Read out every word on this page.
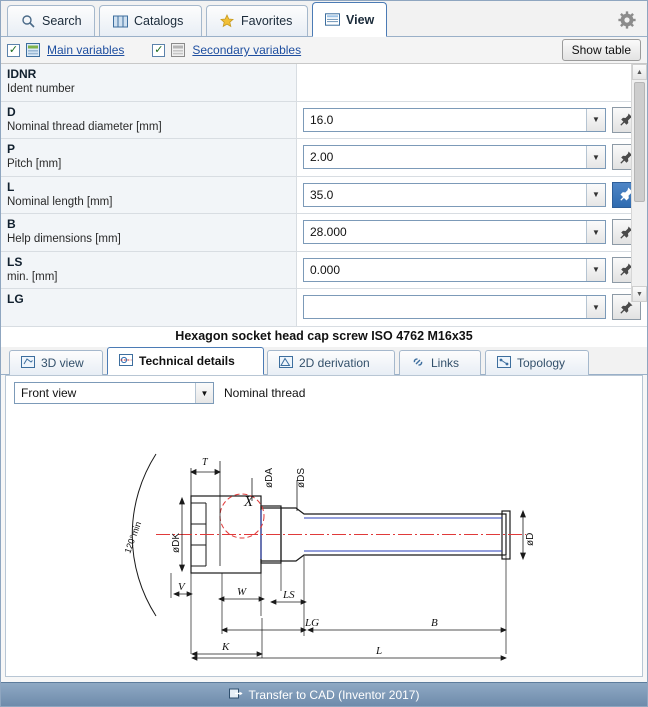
Search	Catalogs	Favorites	View
✓ Main variables	✓ Secondary variables	Show table
IDNR
Ident number
D
Nominal thread diameter [mm]	16.0	▼
P
Pitch [mm]	2.00	▼
L
Nominal length [mm]	35.0	▼
B
Help dimensions [mm]	28.000	▼
LS
min. [mm]	0.000	▼
LG
▼
▲
▼
Hexagon socket head cap screw ISO 4762 M16x35
3D view	Technical details	2D derivation	Links	Topology
Front view	▼	Nominal thread
X
120°min
T
øDK
øDA øDS
øD
V	W	LS
LG	B
K	L
Transfer to CAD (Inventor 2017)
